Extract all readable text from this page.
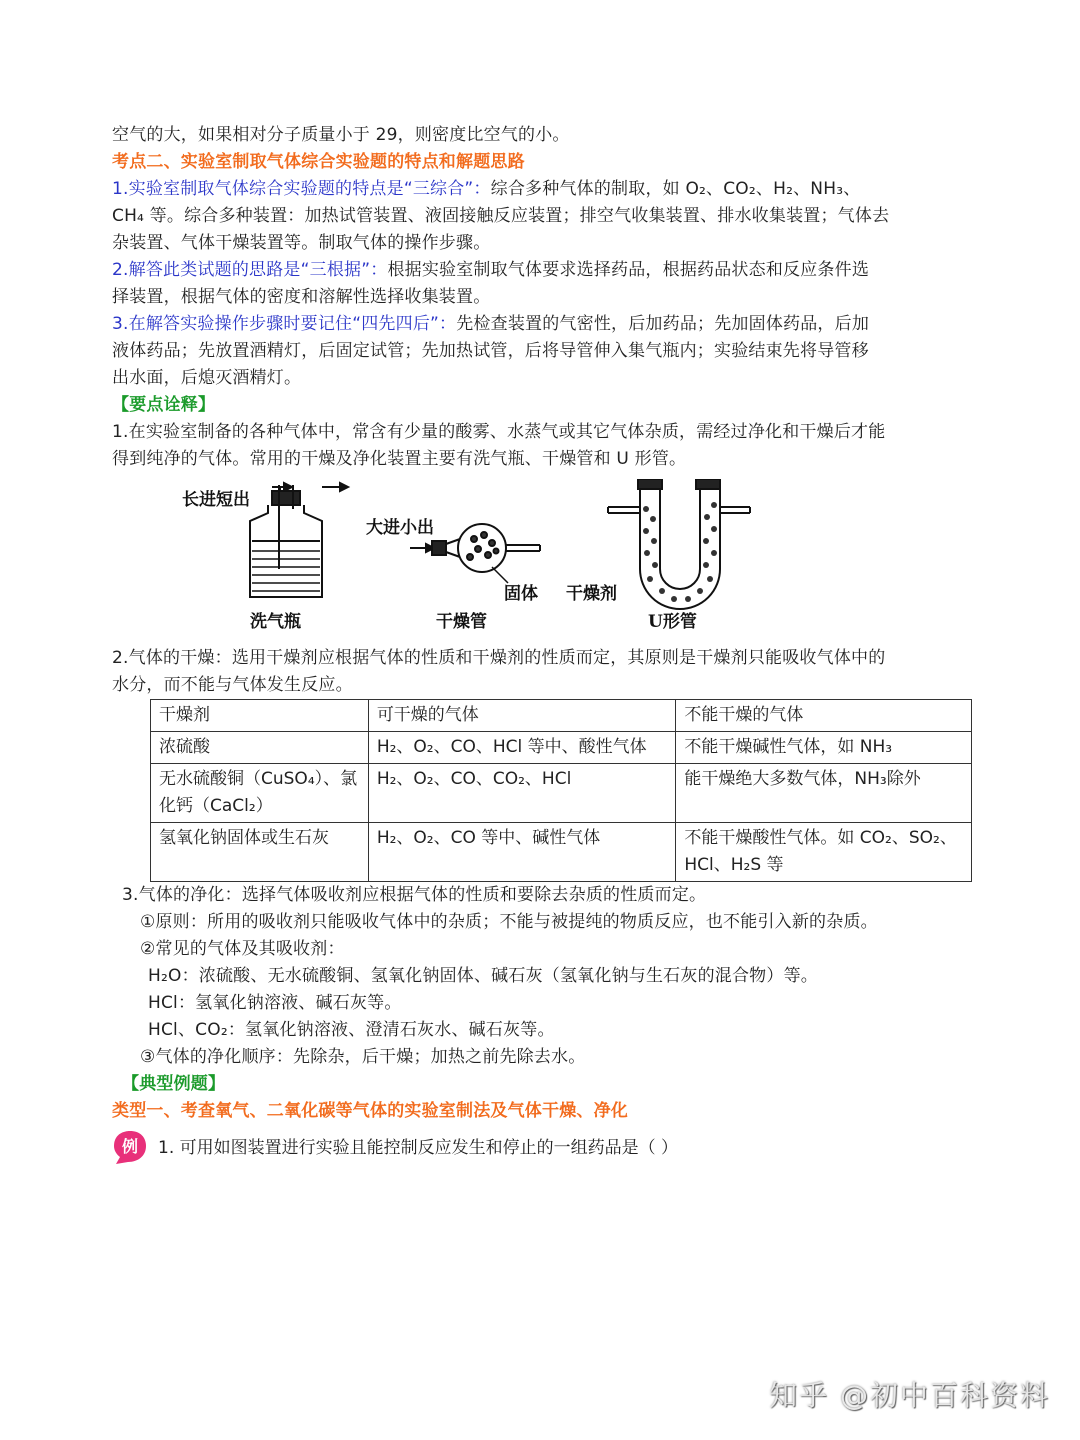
空气的大，如果相对分子质量小于 29，则密度比空气的小。
考点二、实验室制取气体综合实验题的特点和解题思路
1.实验室制取气体综合实验题的特点是“三综合”：综合多种气体的制取，如 O₂、CO₂、H₂、NH₃、
CH₄ 等。综合多种装置：加热试管装置、液固接触反应装置；排空气收集装置、排水收集装置；气体去
杂装置、气体干燥装置等。制取气体的操作步骤。
2.解答此类试题的思路是“三根据”：根据实验室制取气体要求选择药品，根据药品状态和反应条件选
择装置，根据气体的密度和溶解性选择收集装置。
3.在解答实验操作步骤时要记住“四先四后”：先检查装置的气密性，后加药品；先加固体药品，后加
液体药品；先放置酒精灯，后固定试管；先加热试管，后将导管伸入集气瓶内；实验结束先将导管移
出水面，后熄灭酒精灯。
【要点诠释】
1.在实验室制备的各种气体中，常含有少量的酸雾、水蒸气或其它气体杂质，需经过净化和干燥后才能
得到纯净的气体。常用的干燥及净化装置主要有洗气瓶、干燥管和 U 形管。
长进短出
洗气瓶
大进小出
干燥管
固体 干燥剂
U形管
2.气体的干燥：选用干燥剂应根据气体的性质和干燥剂的性质而定，其原则是干燥剂只能吸收气体中的
水分，而不能与气体发生反应。
干燥剂	可干燥的气体	不能干燥的气体
浓硫酸	H₂、O₂、CO、HCl 等中、酸性气体	不能干燥碱性气体，如 NH₃
无水硫酸铜（CuSO₄）、氯化钙（CaCl₂）	H₂、O₂、CO、CO₂、HCl	能干燥绝大多数气体，NH₃除外
氢氧化钠固体或生石灰	H₂、O₂、CO 等中、碱性气体	不能干燥酸性气体。如 CO₂、SO₂、HCl、H₂S 等
3.气体的净化：选择气体吸收剂应根据气体的性质和要除去杂质的性质而定。
①原则：所用的吸收剂只能吸收气体中的杂质；不能与被提纯的物质反应，也不能引入新的杂质。
②常见的气体及其吸收剂：
H₂O：浓硫酸、无水硫酸铜、氢氧化钠固体、碱石灰（氢氧化钠与生石灰的混合物）等。
HCl：氢氧化钠溶液、碱石灰等。
HCl、CO₂：氢氧化钠溶液、澄清石灰水、碱石灰等。
③气体的净化顺序：先除杂，后干燥；加热之前先除去水。
【典型例题】
类型一、考查氧气、二氧化碳等气体的实验室制法及气体干燥、净化
例 1. 可用如图装置进行实验且能控制反应发生和停止的一组药品是（ ）
知乎 @初中百科资料
